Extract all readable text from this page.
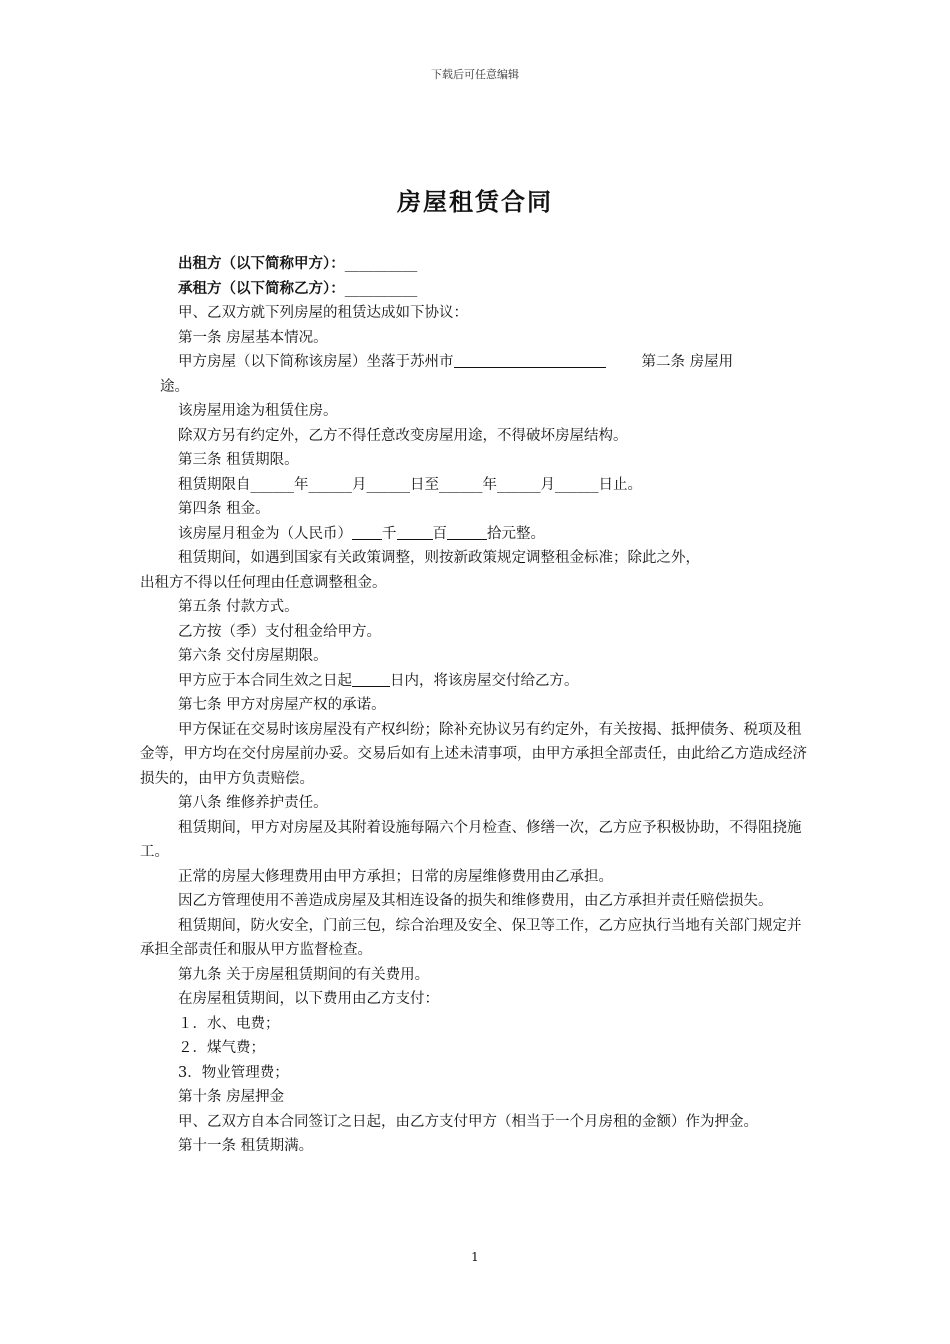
下载后可任意编辑
房屋租赁合同

出租方（以下简称甲方）：__________

承租方（以下简称乙方）：__________

甲、乙双方就下列房屋的租赁达成如下协议：

第一条 房屋基本情况。

甲方房屋（以下简称该房屋）坐落于苏州市	第二条 房屋用

途。

该房屋用途为租赁住房。

除双方另有约定外，乙方不得任意改变房屋用途，不得破坏房屋结构。

第三条 租赁期限。

租赁期限自______年______月______日至______年______月______日止。

第四条 租金。

该房屋月租金为（人民币） 千 百	拾元整。

租赁期间，如遇到国家有关政策调整，则按新政策规定调整租金标准；除此之外，

出租方不得以任何理由任意调整租金。

第五条 付款方式。

乙方按（季）支付租金给甲方。

第六条 交付房屋期限。

甲方应于本合同生效之日起	日内，将该房屋交付给乙方。

第七条 甲方对房屋产权的承诺。

甲方保证在交易时该房屋没有产权纠纷；除补充协议另有约定外，有关按揭、抵押债务、税项及租金等，甲方均在交付房屋前办妥。交易后如有上述未清事项，由甲方承担全部责任，由此给乙方造成经济损失的，由甲方负责赔偿。

第八条 维修养护责任。

租赁期间，甲方对房屋及其附着设施每隔六个月检查、修缮一次，乙方应予积极协助，不得阻挠施工。

正常的房屋大修理费用由甲方承担；日常的房屋维修费用由乙承担。

因乙方管理使用不善造成房屋及其相连设备的损失和维修费用，由乙方承担并责任赔偿损失。

租赁期间，防火安全，门前三包，综合治理及安全、保卫等工作，乙方应执行当地有关部门规定并承担全部责任和服从甲方监督检查。

第九条 关于房屋租赁期间的有关费用。

在房屋租赁期间，以下费用由乙方支付：

１．水、电费；

２．煤气费；

3．物业管理费；

第十条 房屋押金

甲、乙双方自本合同签订之日起，由乙方支付甲方（相当于一个月房租的金额）作为押金。

第十一条 租赁期满。

1
